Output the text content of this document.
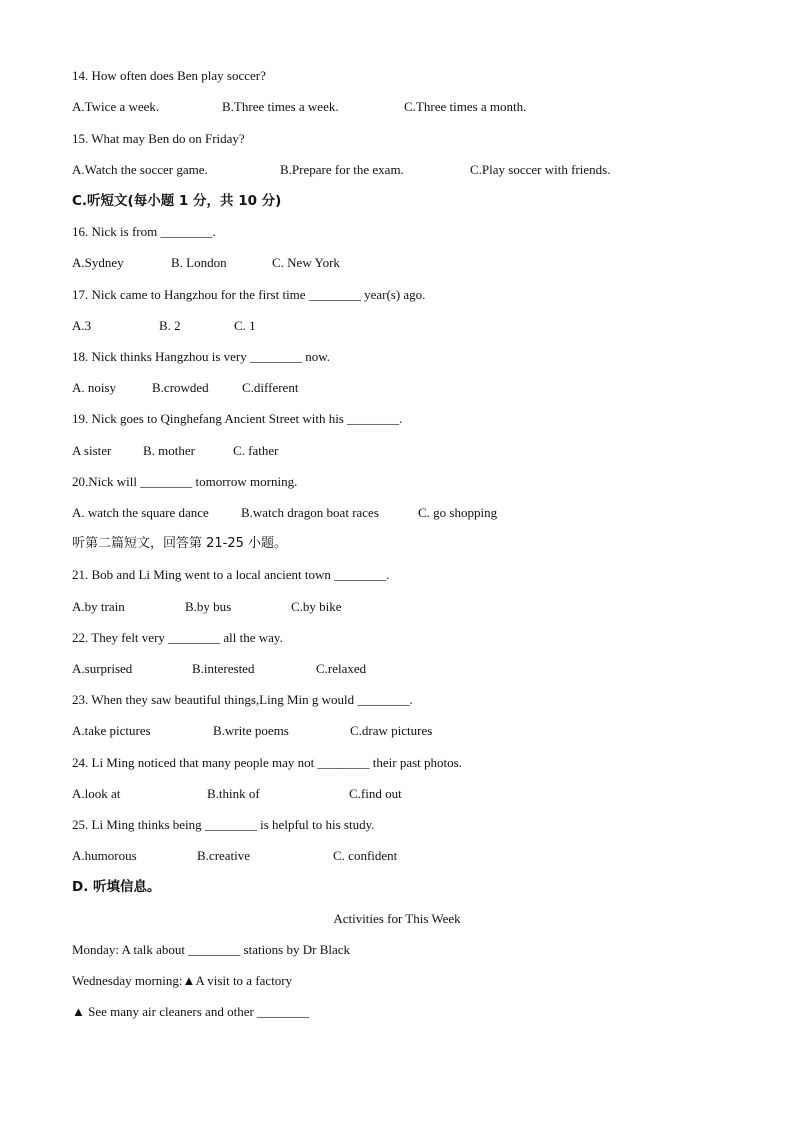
14. How often does Ben play soccer?
A.Twice a week.	B.Three times a week.	C.Three times a month.
15. What may Ben do on Friday?
A.Watch the soccer game.	B.Prepare for the exam.	C.Play soccer with friends.
C.听短文(每小题 1 分，共 10 分)
16. Nick is from ________.
A.Sydney	B. London	C. New York
17. Nick came to Hangzhou for the first time ________ year(s) ago.
A.3	B. 2	C. 1
18. Nick thinks Hangzhou is very ________ now.
A. noisy	B.crowded	C.different
19. Nick goes to Qinghefang Ancient Street with his ________.
A sister B. mother	C. father
20.Nick will ________ tomorrow morning.
A. watch the square dance B.watch dragon boat races	C. go shopping
听第二篇短文，回答第 21-25 小题。
21. Bob and Li Ming went to a local ancient town ________.
A.by train	B.by bus	C.by bike
22. They felt very ________ all the way.
A.surprised	B.interested	C.relaxed
23. When they saw beautiful things,Ling Min g would ________.
A.take pictures	B.write poems	C.draw pictures
24. Li Ming noticed that many people may not ________ their past photos.
A.look at	B.think of	C.find out
25. Li Ming thinks being ________ is helpful to his study.
A.humorous	B.creative	C. confident
D. 听填信息。
Activities for This Week
Monday: A talk about ________ stations by Dr Black
Wednesday morning:▲A visit to a factory
▲ See many air cleaners and other ________
